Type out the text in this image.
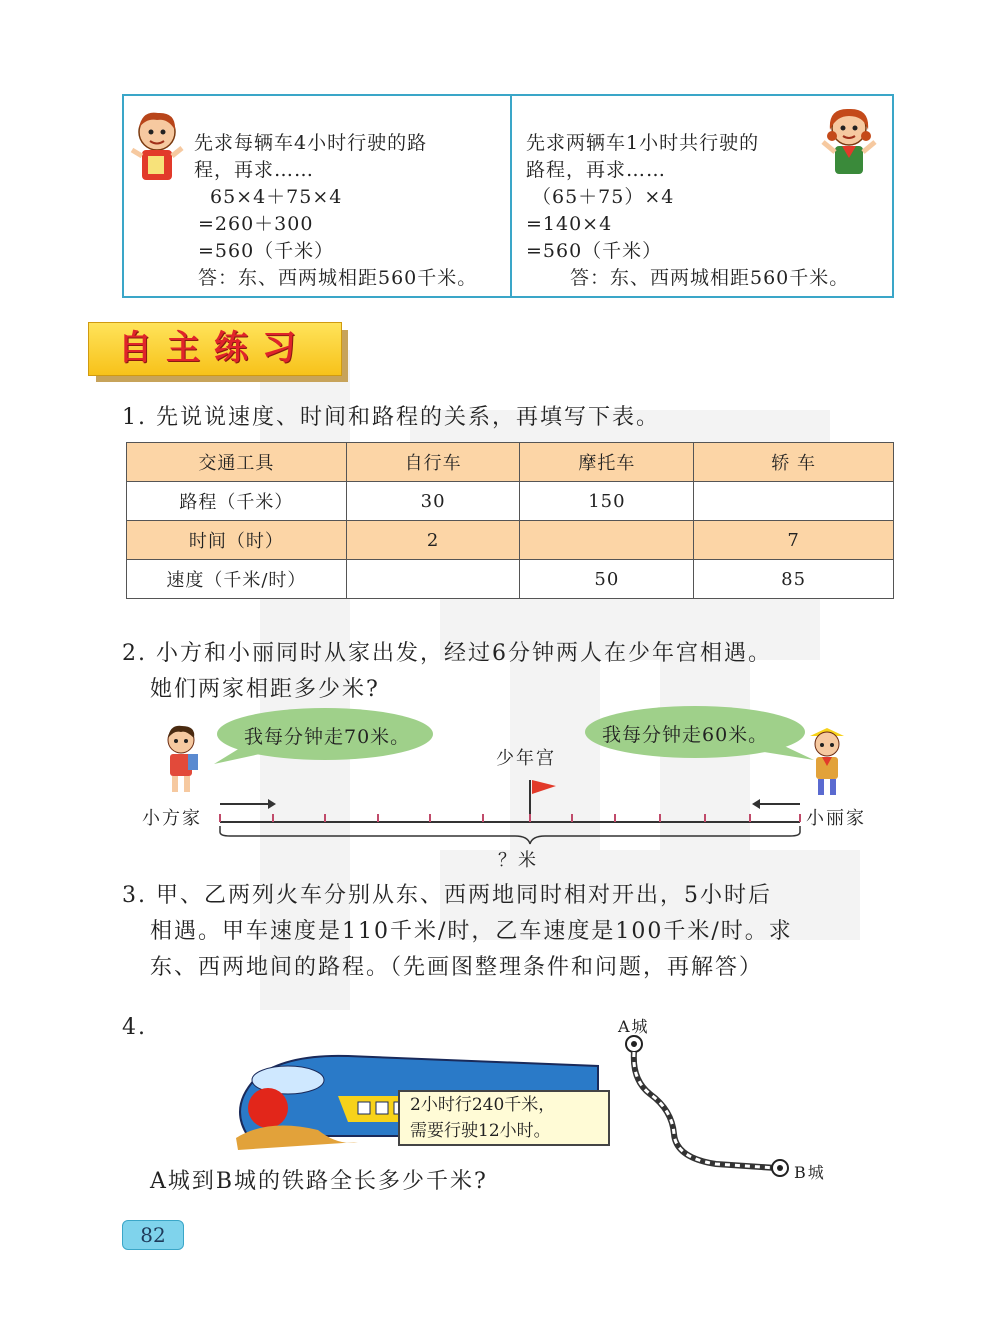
先求每辆车4小时行驶的路
程，再求……
65×4＋75×4
=260＋300
=560（千米）
答：东、西两城相距560千米。
先求两辆车1小时共行驶的
路程，再求……
（65＋75）×4
=140×4
=560（千米）
答：东、西两城相距560千米。
自主练习
1. 先说说速度、时间和路程的关系，再填写下表。
交通工具	自行车	摩托车	轿 车
路程（千米）	30	150	
时间（时）	2		7
速度（千米/时）		50	85
2. 小方和小丽同时从家出发，经过6分钟两人在少年宫相遇。
她们两家相距多少米?
我每分钟走70米。	我每分钟走60米。
少年宫
小方家	小丽家
？米
3. 甲、乙两列火车分别从东、西两地同时相对开出，5小时后
相遇。甲车速度是110千米/时，乙车速度是100千米/时。求
东、西两地间的路程。（先画图整理条件和问题，再解答）
4.
2小时行240千米，
需要行驶12小时。
A城
B城
A城到B城的铁路全长多少千米?
82
